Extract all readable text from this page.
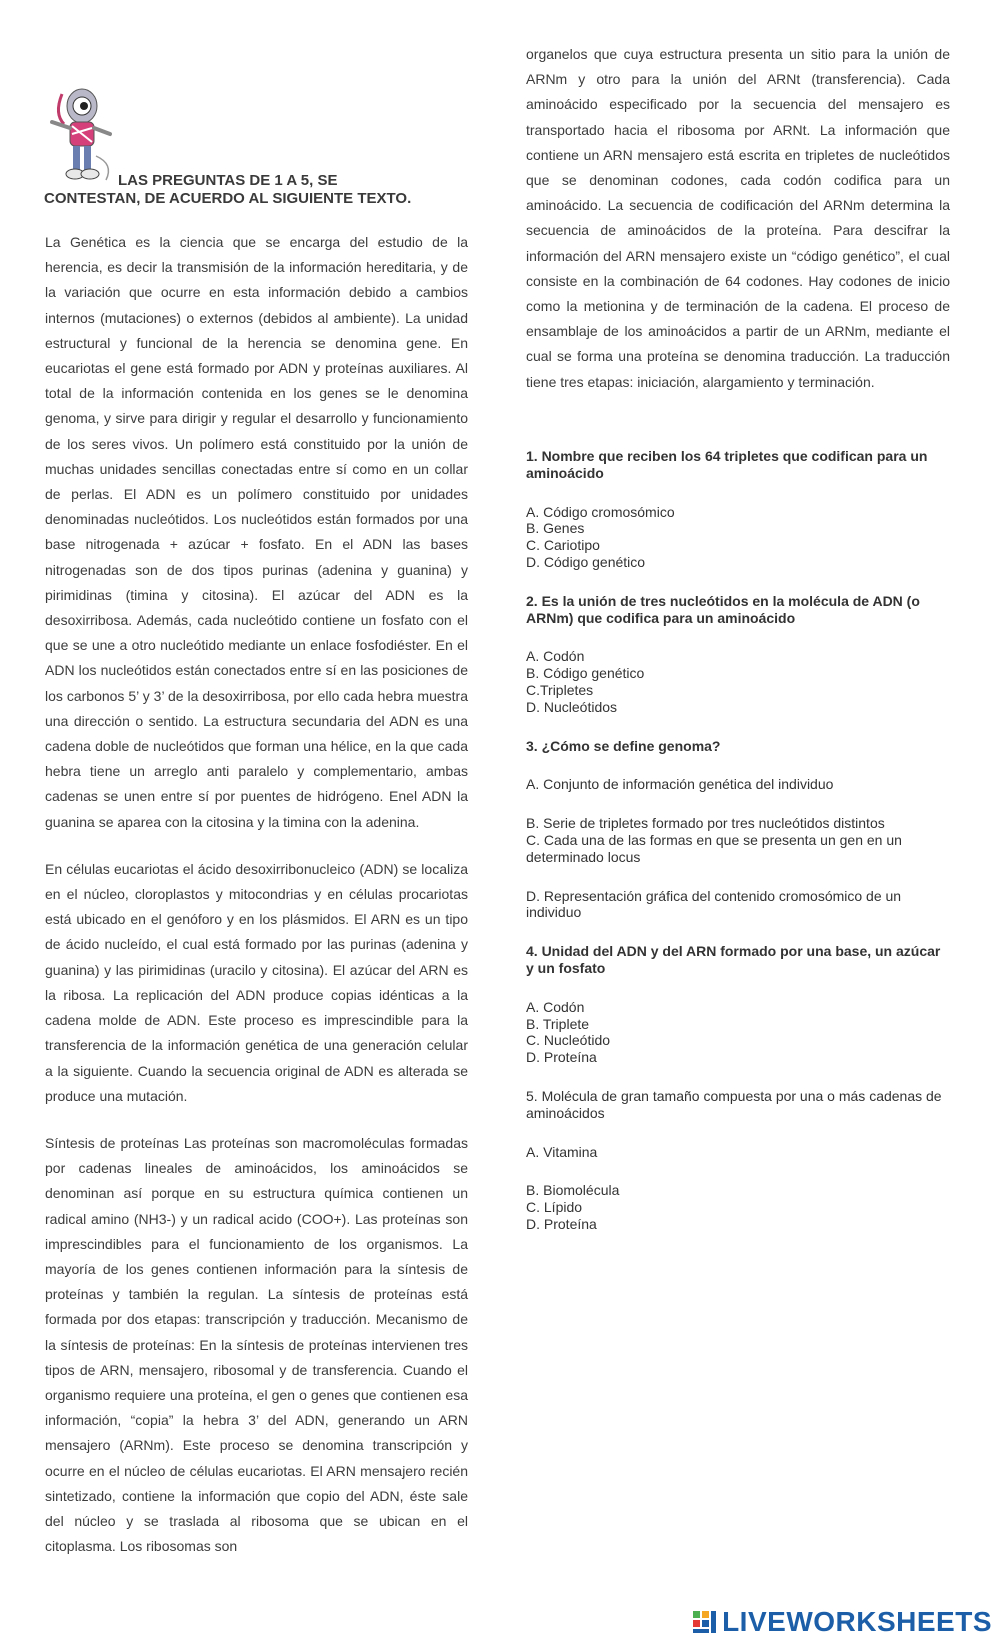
LAS PREGUNTAS DE 1 A 5, SE
CONTESTAN, DE ACUERDO AL SIGUIENTE TEXTO.

La Genética es la ciencia que se encarga del estudio de la herencia, es decir la transmisión de la información hereditaria, y de la variación que ocurre en esta información debido a cambios internos (mutaciones) o externos (debidos al ambiente). La unidad estructural y funcional de la herencia se denomina gene. En eucariotas el gene está formado por ADN y proteínas auxiliares. Al total de la información contenida en los genes se le denomina genoma, y sirve para dirigir y regular el desarrollo y funcionamiento de los seres vivos. Un polímero está constituido por la unión de muchas unidades sencillas conectadas entre sí como en un collar de perlas. El ADN es un polímero constituido por unidades denominadas nucleótidos. Los nucleótidos están formados por una base nitrogenada + azúcar + fosfato. En el ADN las bases nitrogenadas son de dos tipos purinas (adenina y guanina) y pirimidinas (timina y citosina). El azúcar del ADN es la desoxirribosa. Además, cada nucleótido contiene un fosfato con el que se une a otro nucleótido mediante un enlace fosfodiéster. En el ADN los nucleótidos están conectados entre sí en las posiciones de los carbonos 5’ y 3’ de la desoxirribosa, por ello cada hebra muestra una dirección o sentido. La estructura secundaria del ADN es una cadena doble de nucleótidos que forman una hélice, en la que cada hebra tiene un arreglo anti paralelo y complementario, ambas cadenas se unen entre sí por puentes de hidrógeno. Enel ADN la guanina se aparea con la citosina y la timina con la adenina.

En células eucariotas el ácido desoxirribonucleico (ADN) se localiza en el núcleo, cloroplastos y mitocondrias y en células procariotas está ubicado en el genóforo y en los plásmidos. El ARN es un tipo de ácido nucleído, el cual está formado por las purinas (adenina y guanina) y las pirimidinas (uracilo y citosina). El azúcar del ARN es la ribosa. La replicación del ADN produce copias idénticas a la cadena molde de ADN. Este proceso es imprescindible para la transferencia de la información genética de una generación celular a la siguiente. Cuando la secuencia original de ADN es alterada se produce una mutación.

Síntesis de proteínas Las proteínas son macromoléculas formadas por cadenas lineales de aminoácidos, los aminoácidos se denominan así porque en su estructura química contienen un radical amino (NH3-) y un radical acido (COO+). Las proteínas son imprescindibles para el funcionamiento de los organismos. La mayoría de los genes contienen información para la síntesis de proteínas y también la regulan. La síntesis de proteínas está formada por dos etapas: transcripción y traducción. Mecanismo de la síntesis de proteínas: En la síntesis de proteínas intervienen tres tipos de ARN, mensajero, ribosomal y de transferencia. Cuando el organismo requiere una proteína, el gen o genes que contienen esa información, “copia” la hebra 3’ del ADN, generando un ARN mensajero (ARNm). Este proceso se denomina transcripción y ocurre en el núcleo de células eucariotas. El ARN mensajero recién sintetizado, contiene la información que copio del ADN, éste sale del núcleo y se traslada al ribosoma que se ubican en el citoplasma. Los ribosomas son

organelos que cuya estructura presenta un sitio para la unión de ARNm y otro para la unión del ARNt (transferencia). Cada aminoácido especificado por la secuencia del mensajero es transportado hacia el ribosoma por ARNt. La información que contiene un ARN mensajero está escrita en tripletes de nucleótidos que se denominan codones, cada codón codifica para un aminoácido. La secuencia de codificación del ARNm determina la secuencia de aminoácidos de la proteína. Para descifrar la información del ARN mensajero existe un “código genético”, el cual consiste en la combinación de 64 codones. Hay codones de inicio como la metionina y de terminación de la cadena. El proceso de ensamblaje de los aminoácidos a partir de un ARNm, mediante el cual se forma una proteína se denomina traducción. La traducción tiene tres etapas: iniciación, alargamiento y terminación.

1. Nombre que reciben los 64 tripletes que codifican para un aminoácido

A. Código cromosómico
B. Genes
C. Cariotipo
D. Código genético

2. Es la unión de tres nucleótidos en la molécula de ADN (o ARNm) que codifica para un aminoácido

A. Codón
B. Código genético
C.Tripletes
D. Nucleótidos

3. ¿Cómo se define genoma?

A. Conjunto de información genética del individuo
B. Serie de tripletes formado por tres nucleótidos distintos
C. Cada una de las formas en que se presenta un gen en un determinado locus
D. Representación gráfica del contenido cromosómico de un individuo

4. Unidad del ADN y del ARN formado por una base, un azúcar y un fosfato

A. Codón
B. Triplete
C. Nucleótido
D. Proteína

5. Molécula de gran tamaño compuesta por una o más cadenas de aminoácidos

A. Vitamina
B. Biomolécula
C. Lípido
D. Proteína
LIVEWORKSHEETS
